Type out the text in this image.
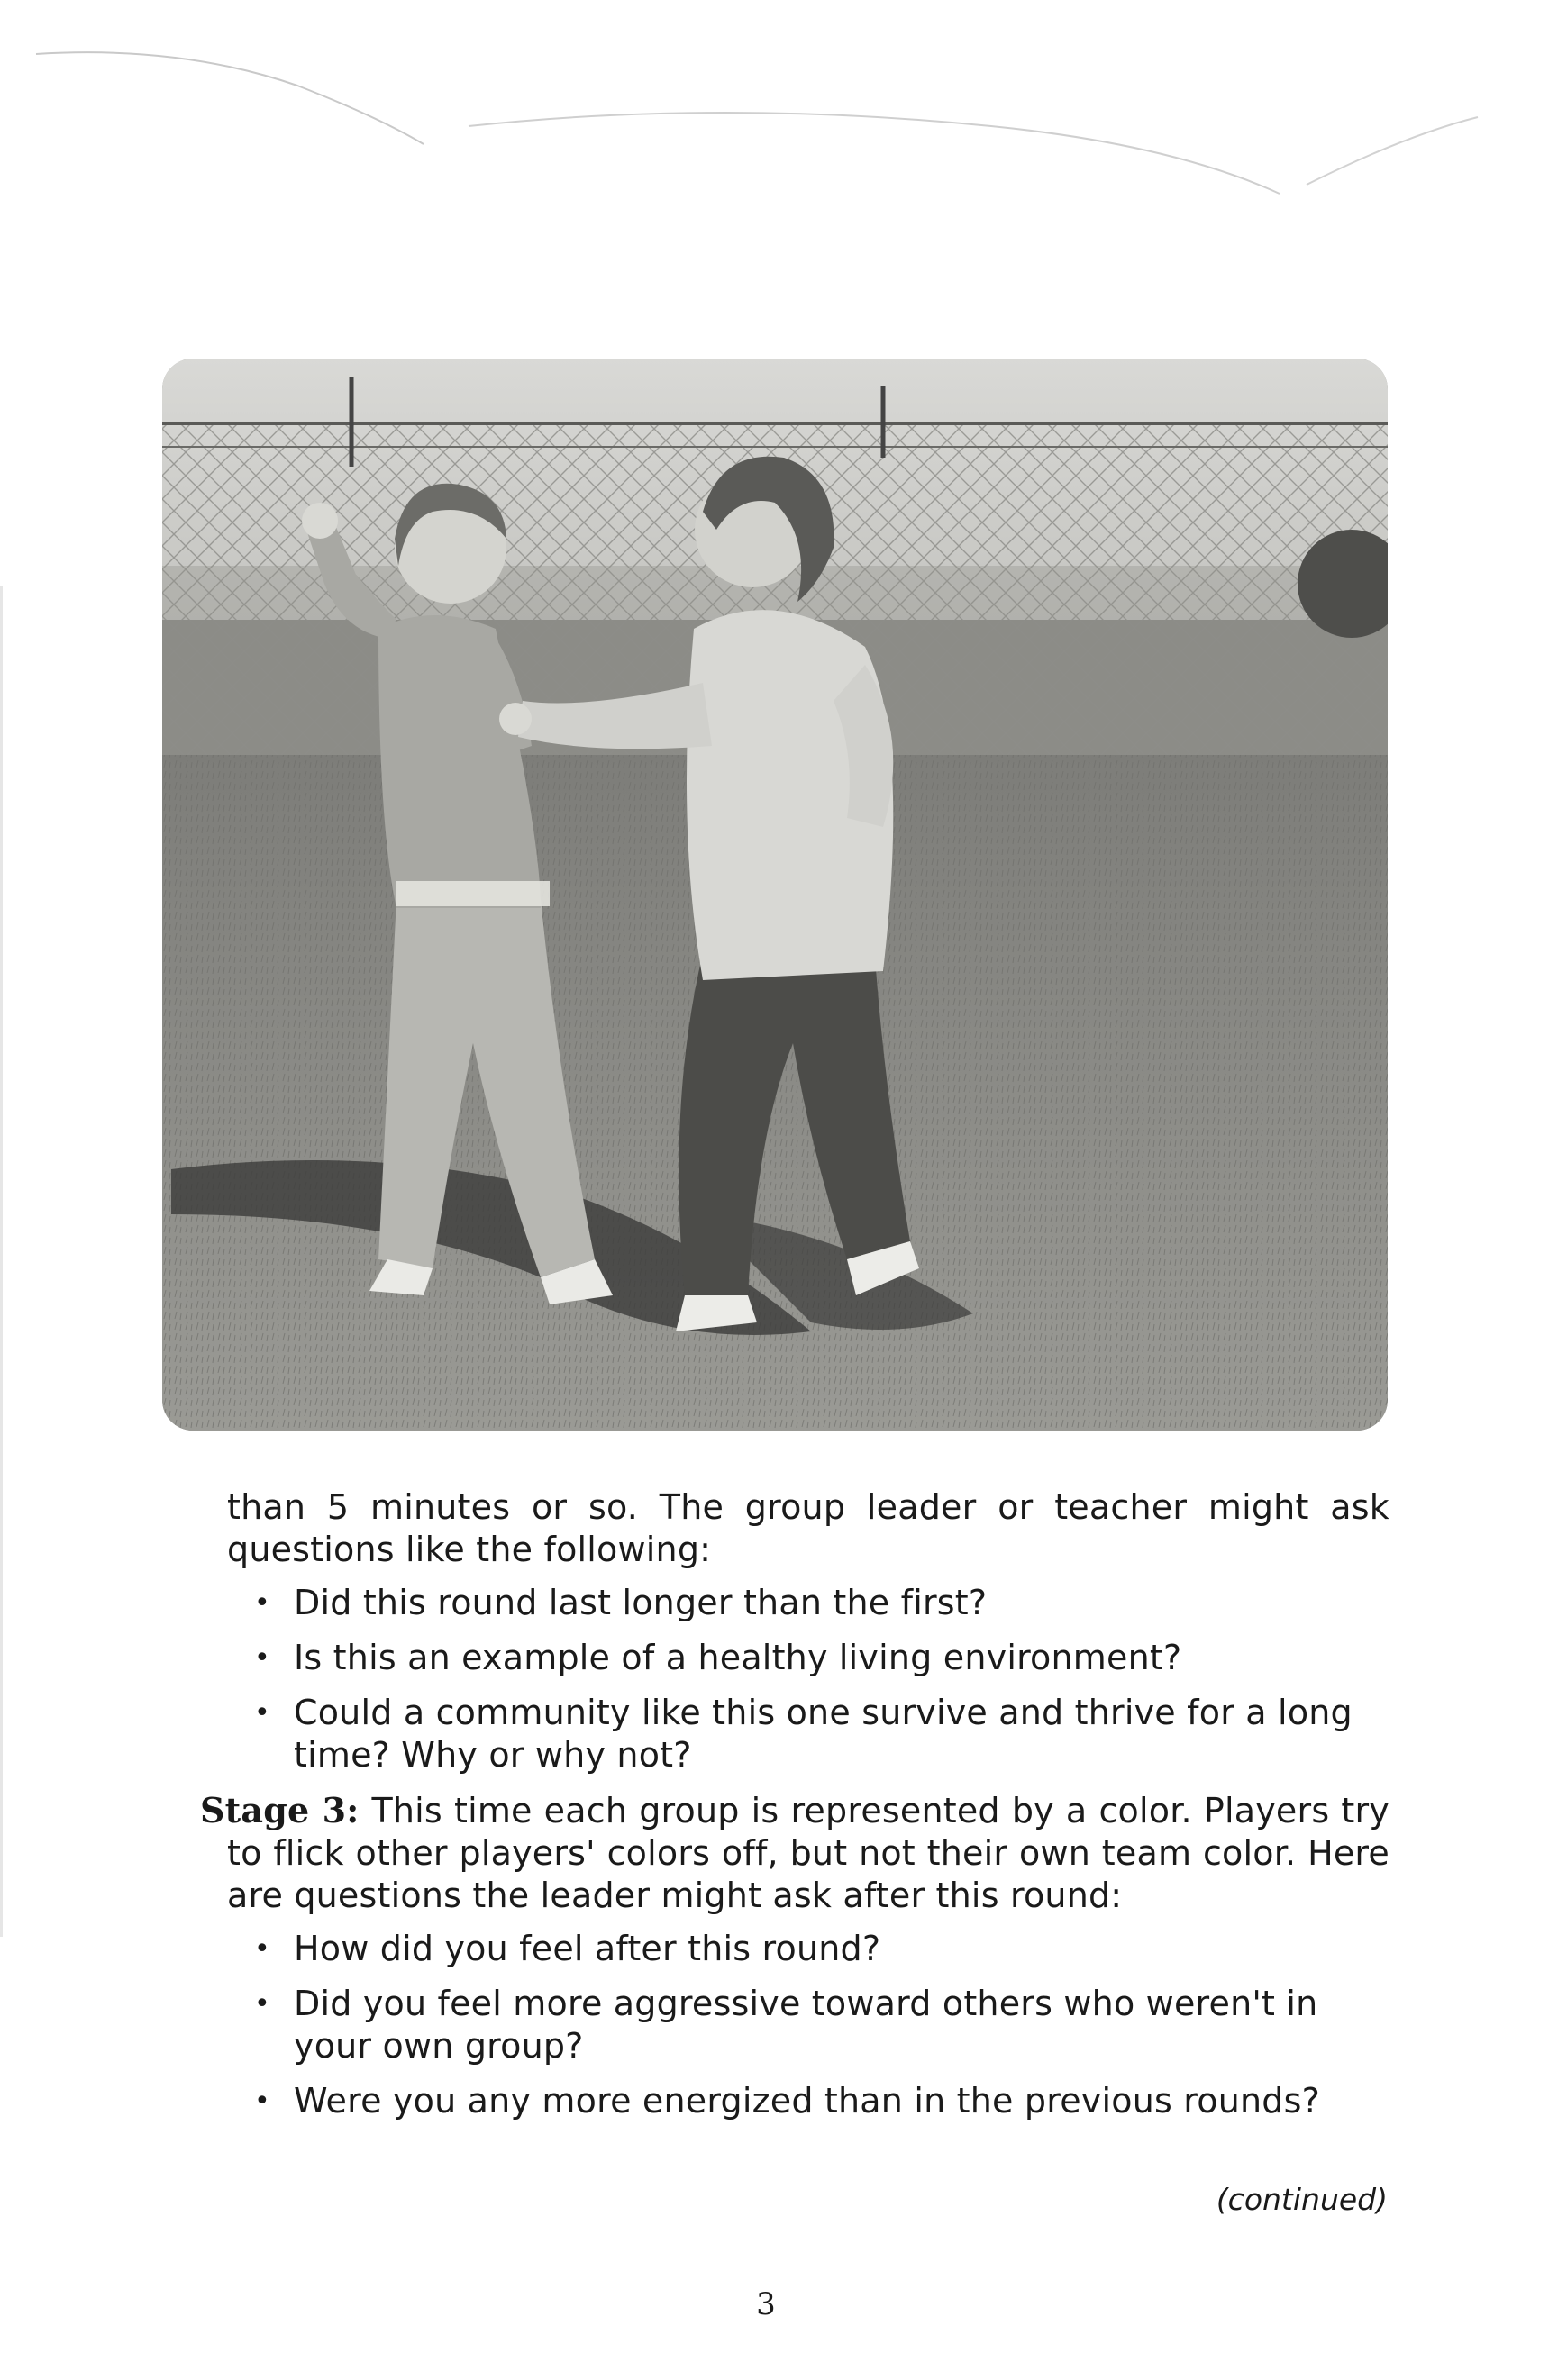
than 5 minutes or so. The group leader or teacher might ask questions like the following:

• Did this round last longer than the first?
• Is this an example of a healthy living environment?
• Could a community like this one survive and thrive for a long time? Why or why not?

Stage 3: This time each group is represented by a color. Players try to flick other players' colors off, but not their own team color. Here are questions the leader might ask after this round:

• How did you feel after this round?
• Did you feel more aggressive toward others who weren't in your own group?
• Were you any more energized than in the previous rounds?
(continued)
3
